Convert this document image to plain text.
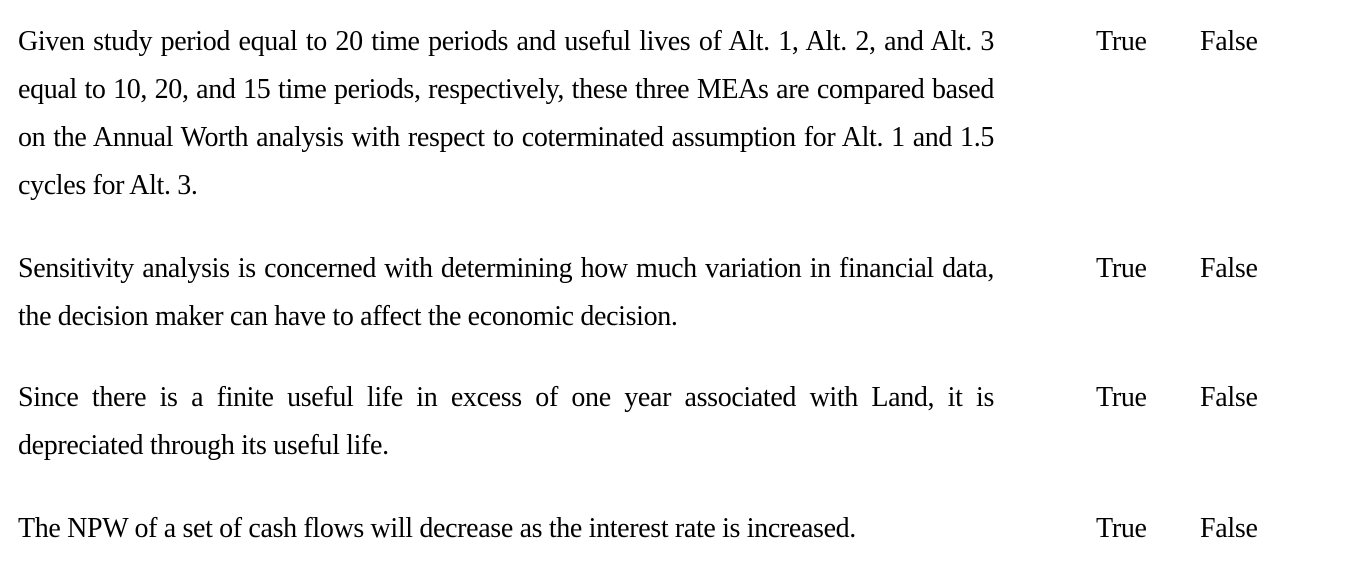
Given study period equal to 20 time periods and useful lives of Alt. 1, Alt. 2, and Alt. 3 equal to 10, 20, and 15 time periods, respectively, these three MEAs are compared based on the Annual Worth analysis with respect to coterminated assumption for Alt. 1 and 1.5 cycles for Alt. 3.

True False

Sensitivity analysis is concerned with determining how much variation in financial data, the decision maker can have to affect the economic decision.

True False

Since there is a finite useful life in excess of one year associated with Land, it is depreciated through its useful life.

True False

The NPW of a set of cash flows will decrease as the interest rate is increased.	True False
